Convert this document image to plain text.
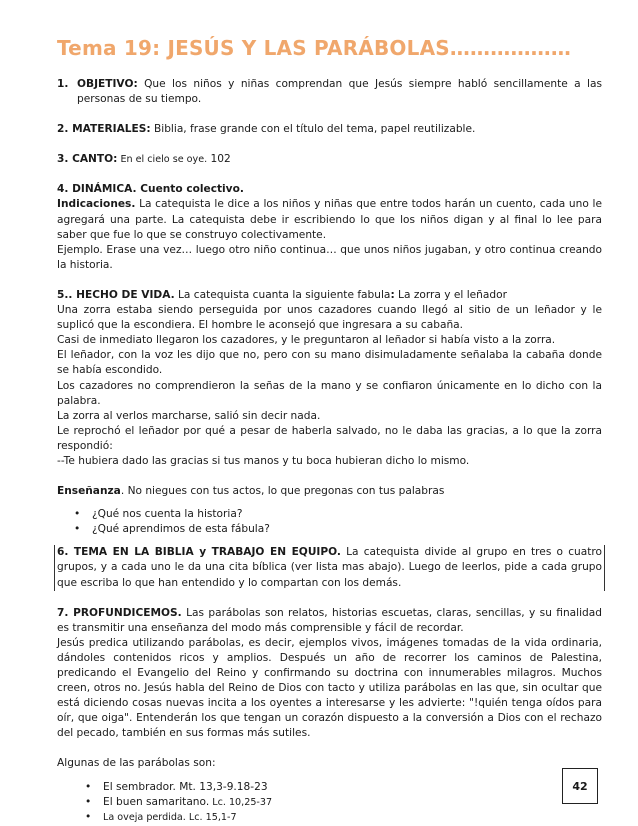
Tema 19: JESÚS Y LAS PARÁBOLAS………………
1. OBJETIVO: Que los niños y niñas comprendan que Jesús siempre habló sencillamente a las personas de su tiempo.

2. MATERIALES: Biblia, frase grande con el título del tema, papel reutilizable.

3. CANTO: En el cielo se oye. 102

4. DINÁMICA. Cuento colectivo.

Indicaciones. La catequista le dice a los niños y niñas que entre todos harán un cuento, cada uno le agregará una parte. La catequista debe ir escribiendo lo que los niños digan y al final lo lee para saber que fue lo que se construyo colectivamente.

Ejemplo. Erase una vez… luego otro niño continua… que unos niños jugaban, y otro continua creando la historia.

5.. HECHO DE VIDA. La catequista cuanta la siguiente fabula: La zorra y el leñador

Una zorra estaba siendo perseguida por unos cazadores cuando llegó al sitio de un leñador y le suplicó que la escondiera. El hombre le aconsejó que ingresara a su cabaña.

Casi de inmediato llegaron los cazadores, y le preguntaron al leñador si había visto a la zorra.

El leñador, con la voz les dijo que no, pero con su mano disimuladamente señalaba la cabaña donde se había escondido.

Los cazadores no comprendieron la señas de la mano y se confiaron únicamente en lo dicho con la palabra.

La zorra al verlos marcharse, salió sin decir nada.

Le reprochó el leñador por qué a pesar de haberla salvado, no le daba las gracias, a lo que la zorra respondió:

--Te hubiera dado las gracias si tus manos y tu boca hubieran dicho lo mismo.

Enseñanza. No niegues con tus actos, lo que pregonas con tus palabras

• ¿Qué nos cuenta la historia?
• ¿Qué aprendimos de esta fábula?

6. TEMA EN LA BIBLIA y TRABAJO EN EQUIPO. La catequista divide al grupo en tres o cuatro grupos, y a cada uno le da una cita bíblica (ver lista mas abajo). Luego de leerlos, pide a cada grupo que escriba lo que han entendido y lo compartan con los demás.

7. PROFUNDICEMOS. Las parábolas son relatos, historias escuetas, claras, sencillas, y su finalidad es transmitir una enseñanza del modo más comprensible y fácil de recordar.

Jesús predica utilizando parábolas, es decir, ejemplos vivos, imágenes tomadas de la vida ordinaria, dándoles contenidos ricos y amplios. Después un año de recorrer los caminos de Palestina, predicando el Evangelio del Reino y confirmando su doctrina con innumerables milagros. Muchos creen, otros no. Jesús habla del Reino de Dios con tacto y utiliza parábolas en las que, sin ocultar que está diciendo cosas nuevas incita a los oyentes a interesarse y les advierte: "!quién tenga oídos para oír, que oiga". Entenderán los que tengan un corazón dispuesto a la conversión a Dios con el rechazo del pecado, también en sus formas más sutiles.

Algunas de las parábolas son:

• El sembrador. Mt. 13,3-9.18-23
• El buen samaritano. Lc. 10,25-37
• La oveja perdida. Lc. 15,1-7
42
